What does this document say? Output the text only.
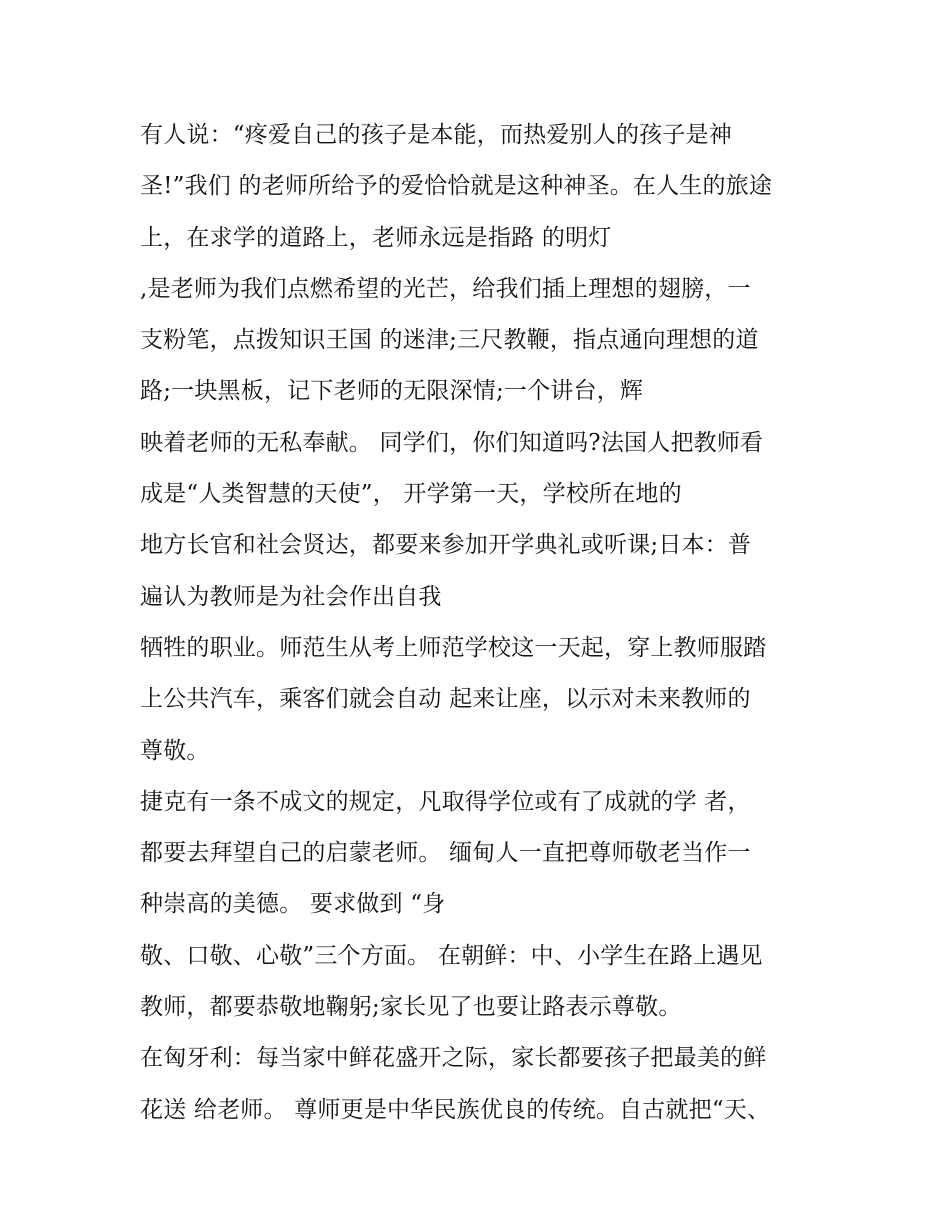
有人说：“疼爱自己的孩子是本能，而热爱别人的孩子是神
圣!”我们 的老师所给予的爱恰恰就是这种神圣。在人生的旅途
上，在求学的道路上，老师永远是指路 的明灯
,是老师为我们点燃希望的光芒，给我们插上理想的翅膀，一
支粉笔，点拨知识王国 的迷津;三尺教鞭，指点通向理想的道
路;一块黑板，记下老师的无限深情;一个讲台，辉
映着老师的无私奉献。 同学们，你们知道吗?法国人把教师看
成是“人类智慧的天使”， 开学第一天，学校所在地的
地方长官和社会贤达，都要来参加开学典礼或听课;日本：普
遍认为教师是为社会作出自我
牺牲的职业。师范生从考上师范学校这一天起，穿上教师服踏
上公共汽车，乘客们就会自动 起来让座，以示对未来教师的
尊敬。
捷克有一条不成文的规定，凡取得学位或有了成就的学 者，
都要去拜望自己的启蒙老师。 缅甸人一直把尊师敬老当作一
种崇高的美德。 要求做到 “身
敬、口敬、心敬”三个方面。 在朝鲜：中、小学生在路上遇见
教师，都要恭敬地鞠躬;家长见了也要让路表示尊敬。
在匈牙利：每当家中鲜花盛开之际，家长都要孩子把最美的鲜
花送 给老师。 尊师更是中华民族优良的传统。自古就把“天、
